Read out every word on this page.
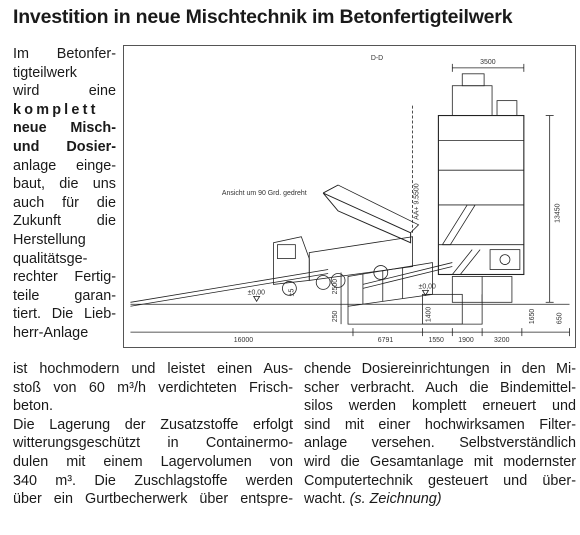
Investition in neue Mischtechnik im Betonfertigteilwerk
Im Betonfer-
tigteilwerk
wird eine
komplett
neue Misch-
und Dosier-
anlage einge-
baut, die uns
auch für die
Zukunft die
Herstellung
qualitätsge-
rechter Fertig-
teile garan-
tiert. Die Lieb-
herr-Anlage
D-D
Ansicht um 90 Grd. gedreht	AA+ 9.5500
3500
13450
16000	6791	1550 1900	3200
2500
250	1400	1650	650
±0,00
±0,00
±5
ist hochmodern und leistet einen Aus-
stoß von 60 m³/h verdichteten Frisch-
beton.
Die Lagerung der Zusatzstoffe erfolgt
witterungsgeschützt in Containermo-
dulen mit einem Lagervolumen von
340 m³. Die Zuschlagstoffe werden
über ein Gurtbecherwerk über entspre-
chende Dosiereinrichtungen in den Mi-
scher verbracht. Auch die Bindemittel-
silos werden komplett erneuert und
sind mit einer hochwirksamen Filter-
anlage versehen. Selbstverständlich
wird die Gesamtanlage mit modernster
Computertechnik gesteuert und über-
wacht. (s. Zeichnung)
